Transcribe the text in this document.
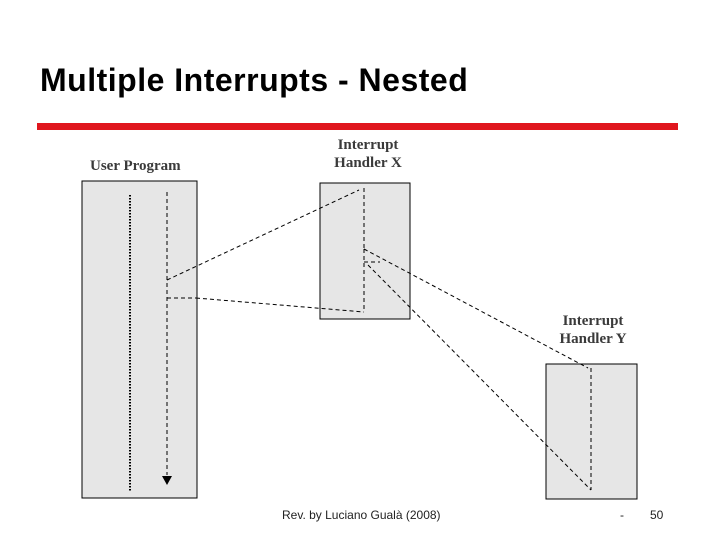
Multiple Interrupts - Nested
User Program
Interrupt
Handler X
Interrupt
Handler Y
Rev. by Luciano Gualà (2008)	- 50
